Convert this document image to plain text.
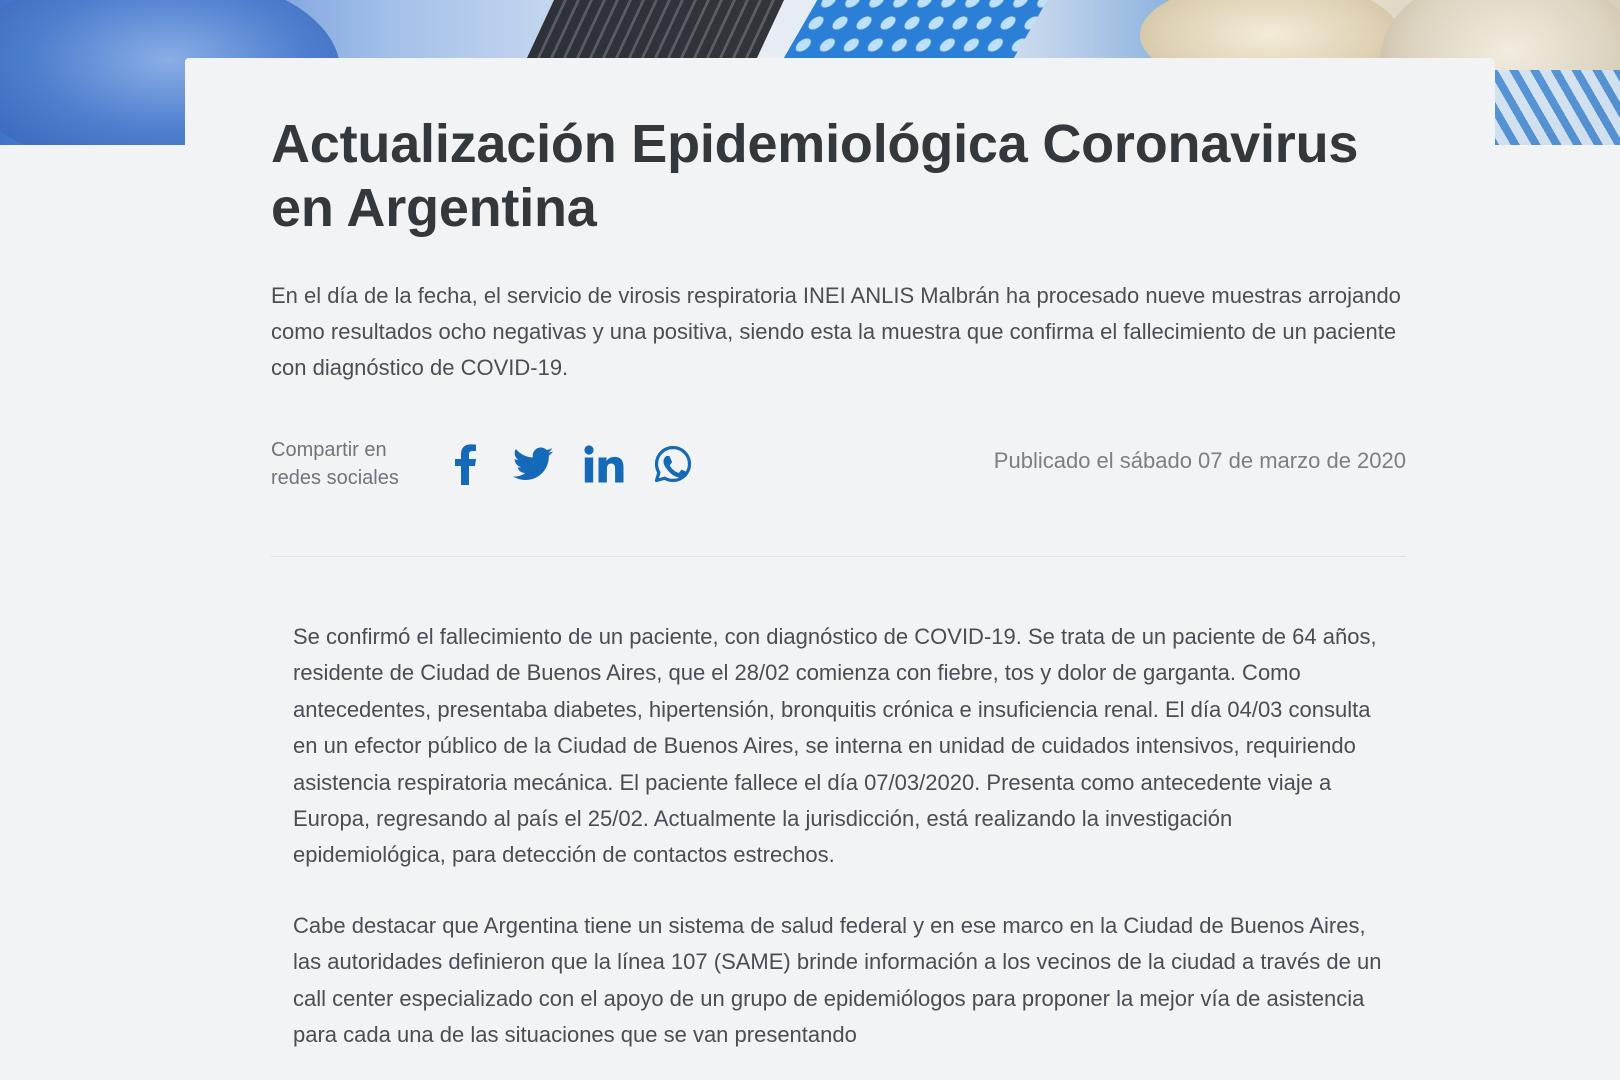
Actualización Epidemiológica Coronavirus en Argentina

En el día de la fecha, el servicio de virosis respiratoria INEI ANLIS Malbrán ha procesado nueve muestras arrojando como resultados ocho negativas y una positiva, siendo esta la muestra que confirma el fallecimiento de un paciente con diagnóstico de COVID-19.

Compartir en
redes sociales
Publicado el sábado 07 de marzo de 2020

Se confirmó el fallecimiento de un paciente, con diagnóstico de COVID-19. Se trata de un paciente de 64 años, residente de Ciudad de Buenos Aires, que el 28/02 comienza con fiebre, tos y dolor de garganta. Como antecedentes, presentaba diabetes, hipertensión, bronquitis crónica e insuficiencia renal. El día 04/03 consulta en un efector público de la Ciudad de Buenos Aires, se interna en unidad de cuidados intensivos, requiriendo asistencia respiratoria mecánica. El paciente fallece el día 07/03/2020. Presenta como antecedente viaje a Europa, regresando al país el 25/02. Actualmente la jurisdicción, está realizando la investigación epidemiológica, para detección de contactos estrechos.

Cabe destacar que Argentina tiene un sistema de salud federal y en ese marco en la Ciudad de Buenos Aires, las autoridades definieron que la línea 107 (SAME) brinde información a los vecinos de la ciudad a través de un call center especializado con el apoyo de un grupo de epidemiólogos para proponer la mejor vía de asistencia para cada una de las situaciones que se van presentando
